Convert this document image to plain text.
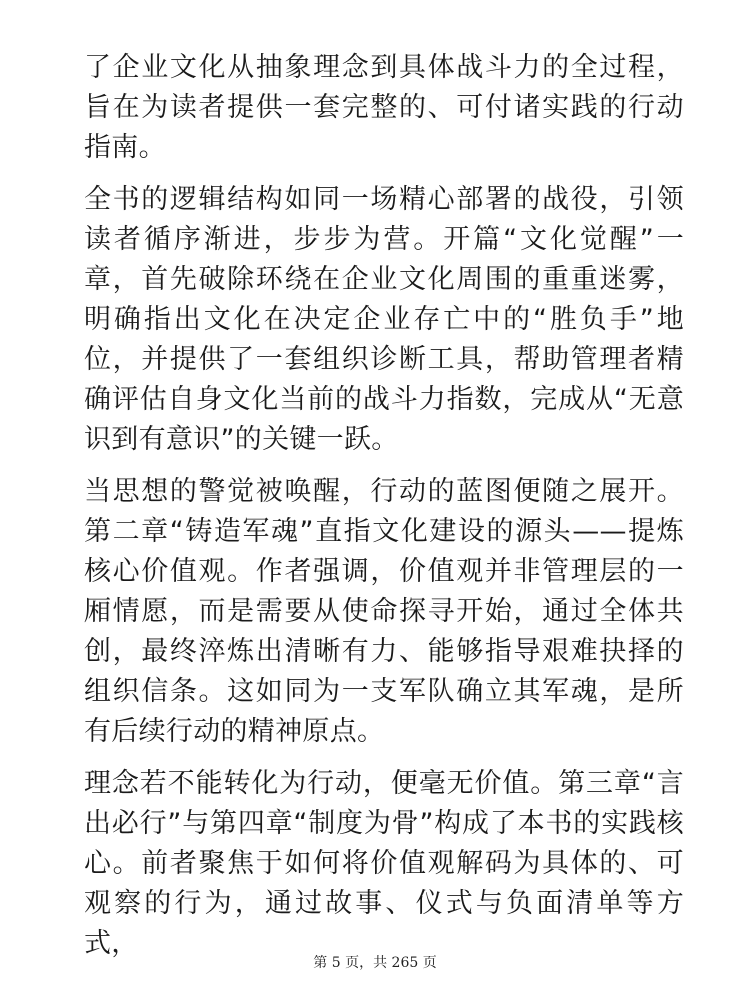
了企业文化从抽象理念到具体战斗力的全过程，旨在为读者提供一套完整的、可付诸实践的行动指南。

全书的逻辑结构如同一场精心部署的战役，引领读者循序渐进，步步为营。开篇“文化觉醒”一章，首先破除环绕在企业文化周围的重重迷雾，明确指出文化在决定企业存亡中的“胜负手”地位，并提供了一套组织诊断工具，帮助管理者精确评估自身文化当前的战斗力指数，完成从“无意识到有意识”的关键一跃。

当思想的警觉被唤醒，行动的蓝图便随之展开。第二章“铸造军魂”直指文化建设的源头——提炼核心价值观。作者强调，价值观并非管理层的一厢情愿，而是需要从使命探寻开始，通过全体共创，最终淬炼出清晰有力、能够指导艰难抉择的组织信条。这如同为一支军队确立其军魂，是所有后续行动的精神原点。

理念若不能转化为行动，便毫无价值。第三章“言出必行”与第四章“制度为骨”构成了本书的实践核心。前者聚焦于如何将价值观解码为具体的、可观察的行为，通过故事、仪式与负面清单等方式，

第 5 页，共 265 页
